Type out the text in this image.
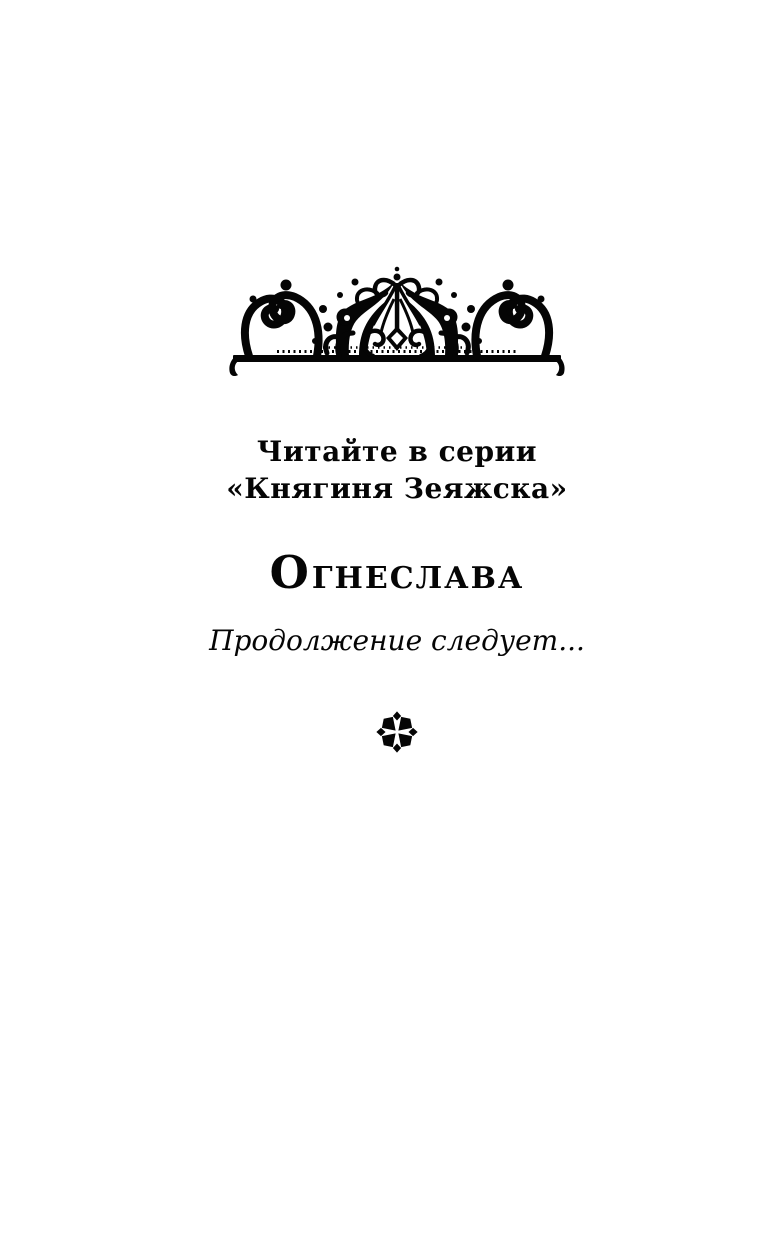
Читайте в серии
«Княгиня Зеяжска»
ОГНЕСЛАВА
Продолжение следует...
